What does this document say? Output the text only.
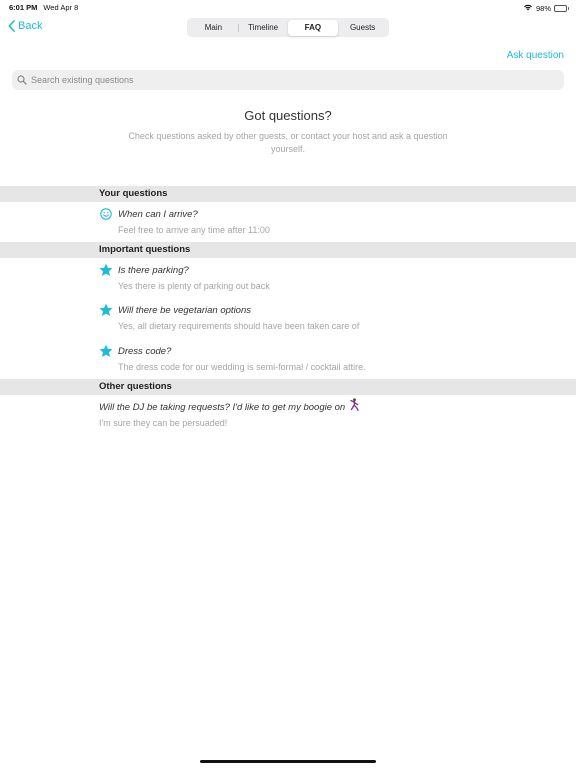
6:01 PM Wed Apr 8	98%
Back	Main	Timeline	FAQ	Guests
Ask question
Search existing questions
Got questions?
Check questions asked by other guests, or contact your host and ask a question yourself.
Your questions
When can I arrive?
Feel free to arrive any time after 11:00
Important questions
Is there parking?
Yes there is plenty of parking out back
Will there be vegetarian options
Yes, all dietary requirements should have been taken care of
Dress code?
The dress code for our wedding is semi-formal / cocktail attire.
Other questions
Will the DJ be taking requests? I'd like to get my boogie on
I'm sure they can be persuaded!
